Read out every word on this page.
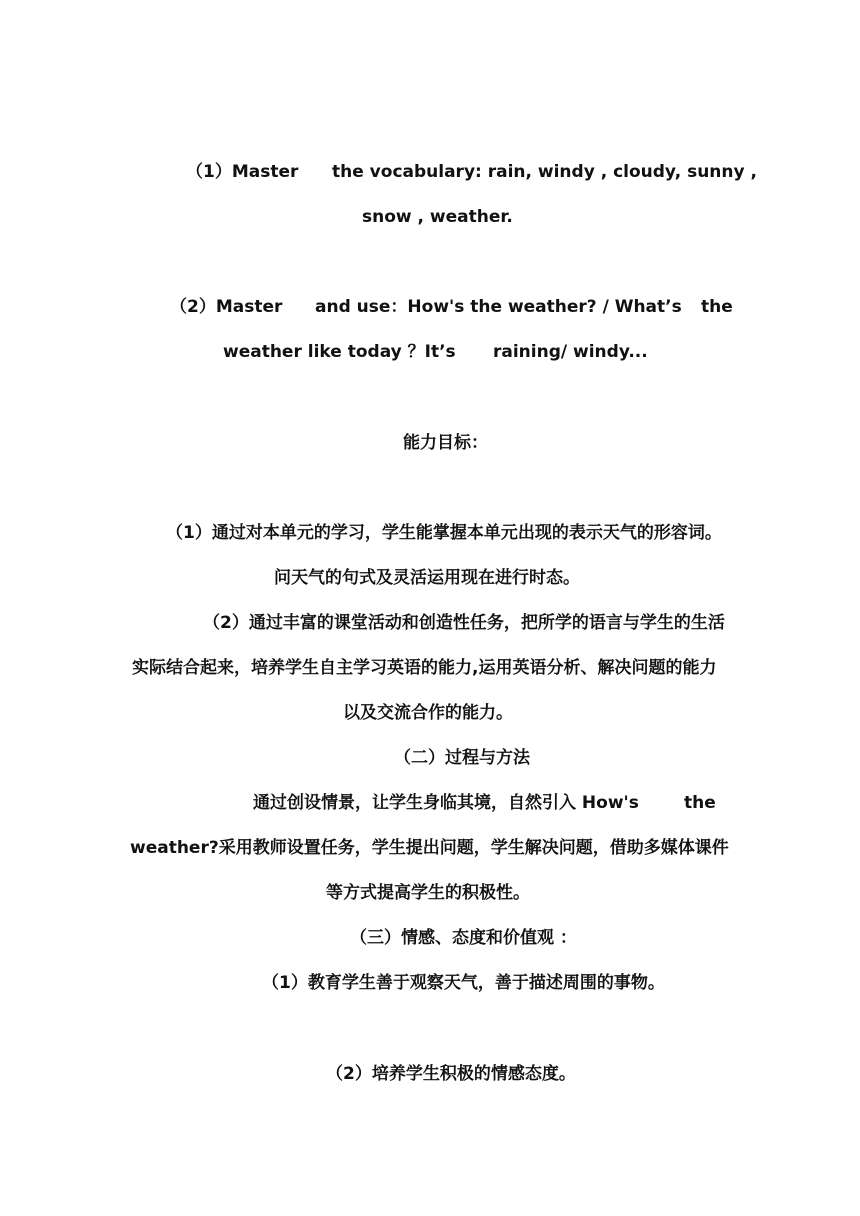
（1）Master the vocabulary: rain, windy , cloudy, sunny ,
snow , weather.
（2）Master and use：How's the weather? / What’s the
weather like today ？It’s raining/ windy...
能力目标：
（1）通过对本单元的学习，学生能掌握本单元出现的表示天气的形容词。
问天气的句式及灵活运用现在进行时态。
（2）通过丰富的课堂活动和创造性任务，把所学的语言与学生的生活
实际结合起来，培养学生自主学习英语的能力,运用英语分析、解决问题的能力
以及交流合作的能力。
（二）过程与方法
通过创设情景，让学生身临其境，自然引入 How's	the
weather?采用教师设置任务，学生提出问题，学生解决问题，借助多媒体课件
等方式提高学生的积极性。
（三）情感、态度和价值观 ：
（1）教育学生善于观察天气，善于描述周围的事物。
（2）培养学生积极的情感态度。
